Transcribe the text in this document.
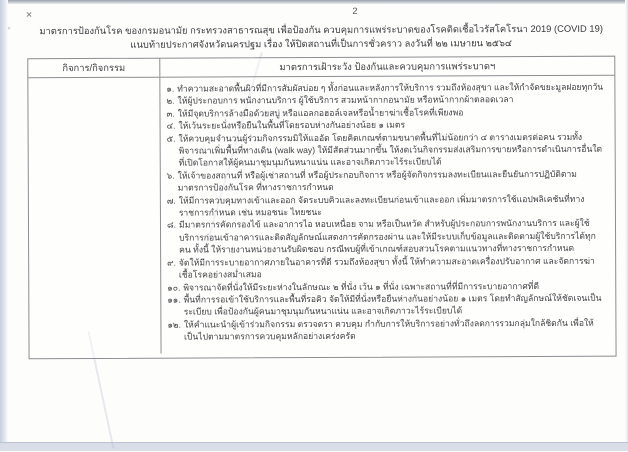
2
มาตรการป้องกันโรค ของกรมอนามัย กระทรวงสาธารณสุข เพื่อป้องกัน ควบคุมการแพร่ระบาดของโรคติดเชื้อไวรัสโคโรนา 2019 (COVID 19)
แนบท้ายประกาศจังหวัดนครปฐม เรื่อง ให้ปิดสถานที่เป็นการชั่วคราว ลงวันที่ ๒๒ เมษายน ๒๕๖๔
กิจการ/กิจกรรม	มาตรการเฝ้าระวัง ป้องกันและควบคุมการแพร่ระบาดฯ
๑. ทำความสะอาดพื้นผิวที่มีการสัมผัสบ่อย ๆ ทั้งก่อนและหลังการให้บริการ รวมถึงห้องสุขา และให้กำจัดขยะมูลฝอยทุกวัน
๒. ให้ผู้ประกอบการ พนักงานบริการ ผู้ใช้บริการ สวมหน้ากากอนามัย หรือหน้ากากผ้าตลอดเวลา
๓. ให้มีจุดบริการล้างมือด้วยสบู่ หรือแอลกอฮอล์เจลหรือน้ำยาฆ่าเชื้อโรคที่เพียงพอ
๔. ให้เว้นระยะนั่งหรือยืนในพื้นที่โดยรอบห่างกันอย่างน้อย ๑ เมตร
๕. ให้ควบคุมจำนวนผู้ร่วมกิจกรรมมิให้แออัด โดยคิดเกณฑ์ตามขนาดพื้นที่ไม่น้อยกว่า ๔ ตารางเมตรต่อคน รวมทั้งพิจารณาเพิ่มพื้นที่ทางเดิน (walk way) ให้มีสัดส่วนมากขึ้น ให้งดเว้นกิจกรรมส่งเสริมการขายหรือการดำเนินการอื่นใดที่เปิดโอกาสให้ผู้คนมาชุมนุมกันหนาแน่น และอาจเกิดภาวะไร้ระเบียบได้
๖. ให้เจ้าของสถานที่ หรือผู้เช่าสถานที่ หรือผู้ประกอบกิจการ หรือผู้จัดกิจกรรมลงทะเบียนและยืนยันการปฏิบัติตามมาตรการป้องกันโรค ที่ทางราชการกำหนด
๗. ให้มีการควบคุมทางเข้าและออก จัดระบบคิวและลงทะเบียนก่อนเข้าและออก เพิ่มมาตรการใช้แอปพลิเคชันที่ทางราชการกำหนด เช่น หมอชนะ ไทยชนะ
๘. มีมาตรการคัดกรองไข้ และอาการไอ หอบเหนื่อย จาม หรือเป็นหวัด สำหรับผู้ประกอบการพนักงานบริการ และผู้ใช้บริการก่อนเข้าอาคารและติดสัญลักษณ์แสดงการคัดกรองผ่าน และให้มีระบบเก็บข้อมูลและติดตามผู้ใช้บริการได้ทุกคน ทั้งนี้ ให้รายงานหน่วยงานรับผิดชอบ กรณีพบผู้ที่เข้าเกณฑ์สอบสวนโรคตามแนวทางที่ทางราชการกำหนด
๙. จัดให้มีการระบายอากาศภายในอาคารที่ดี รวมถึงห้องสุขา ทั้งนี้ ให้ทำความสะอาดเครื่องปรับอากาศ และจัดการฆ่าเชื้อโรคอย่างสม่ำเสมอ
๑๐. พิจารณาจัดที่นั่งให้มีระยะห่างในลักษณะ ๒ ที่นั่ง เว้น ๑ ที่นั่ง เฉพาะสถานที่ที่มีการระบายอากาศที่ดี
๑๑. พื้นที่การรอเข้าใช้บริการและพื้นที่รอคิว จัดให้มีที่นั่งหรือยืนห่างกันอย่างน้อย ๑ เมตร โดยทำสัญลักษณ์ให้ชัดเจนเป็นระเบียบ เพื่อป้องกันผู้คนมาชุมนุมกันหนาแน่น และอาจเกิดภาวะไร้ระเบียบได้
๑๒. ให้คำแนะนำผู้เข้าร่วมกิจกรรม ตรวจตรา ควบคุม กำกับการให้บริการอย่างทั่วถึงลดการรวมกลุ่มใกล้ชิดกัน เพื่อให้เป็นไปตามมาตรการควบคุมหลักอย่างเคร่งครัด
